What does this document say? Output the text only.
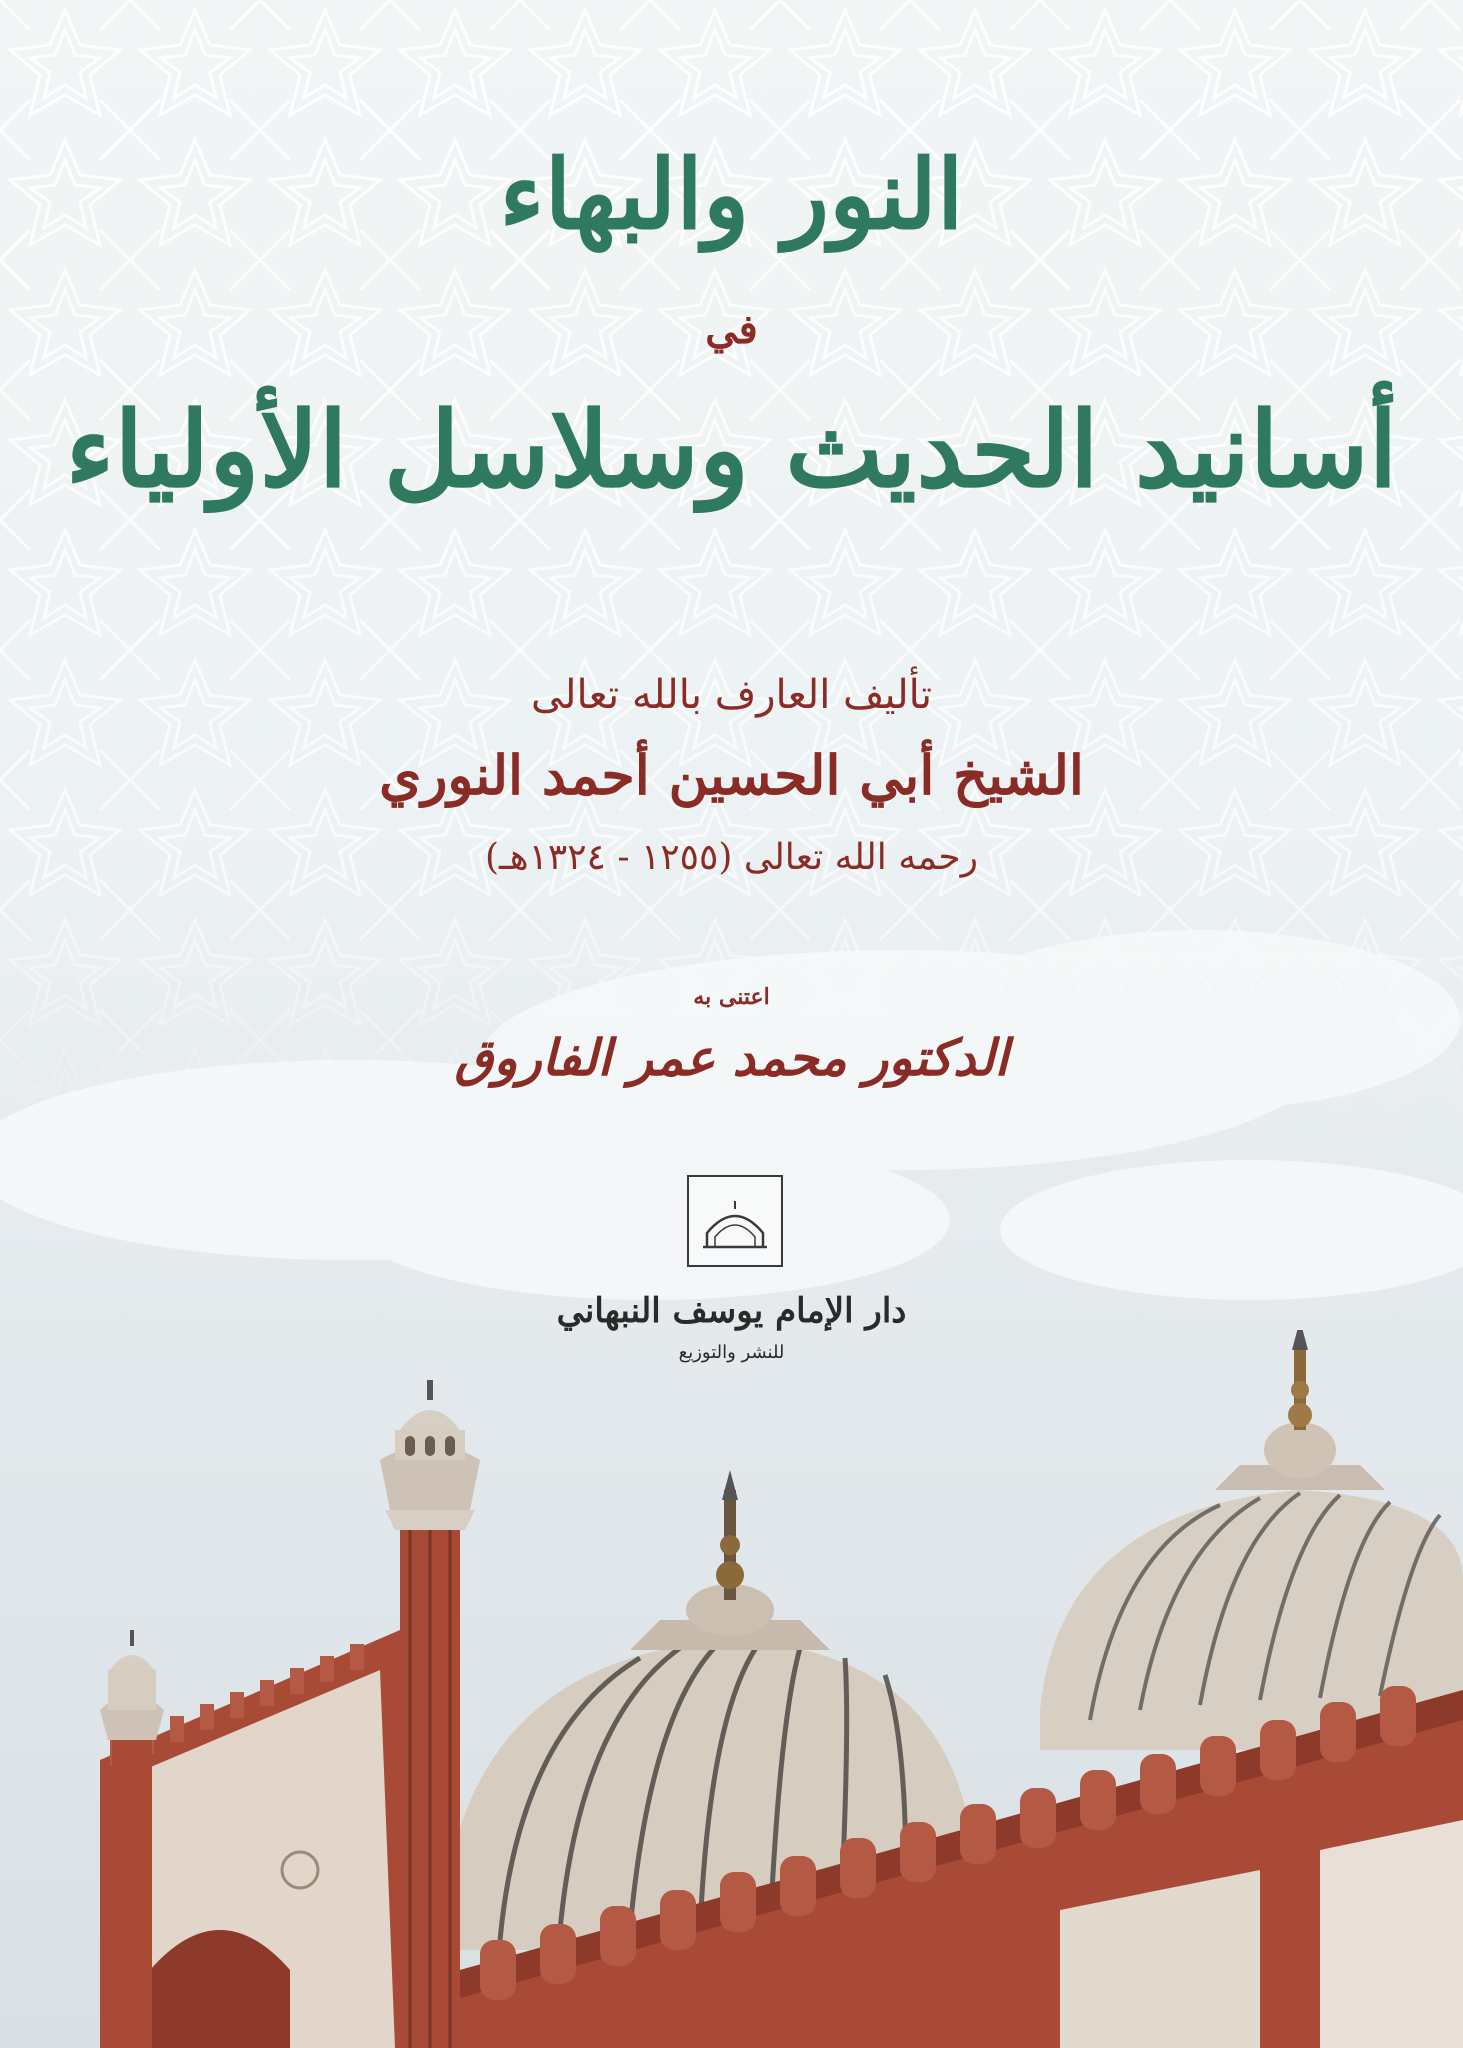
النور والبهاء
في
أسانيد الحديث وسلاسل الأولياء
تأليف العارف بالله تعالى
الشيخ أبي الحسين أحمد النوري
رحمه الله تعالى (١٢٥٥ - ١٣٢٤هـ)
اعتنى به
الدكتور محمد عمر الفاروق
دار الإمام يوسف النبهاني
للنشر والتوزيع
